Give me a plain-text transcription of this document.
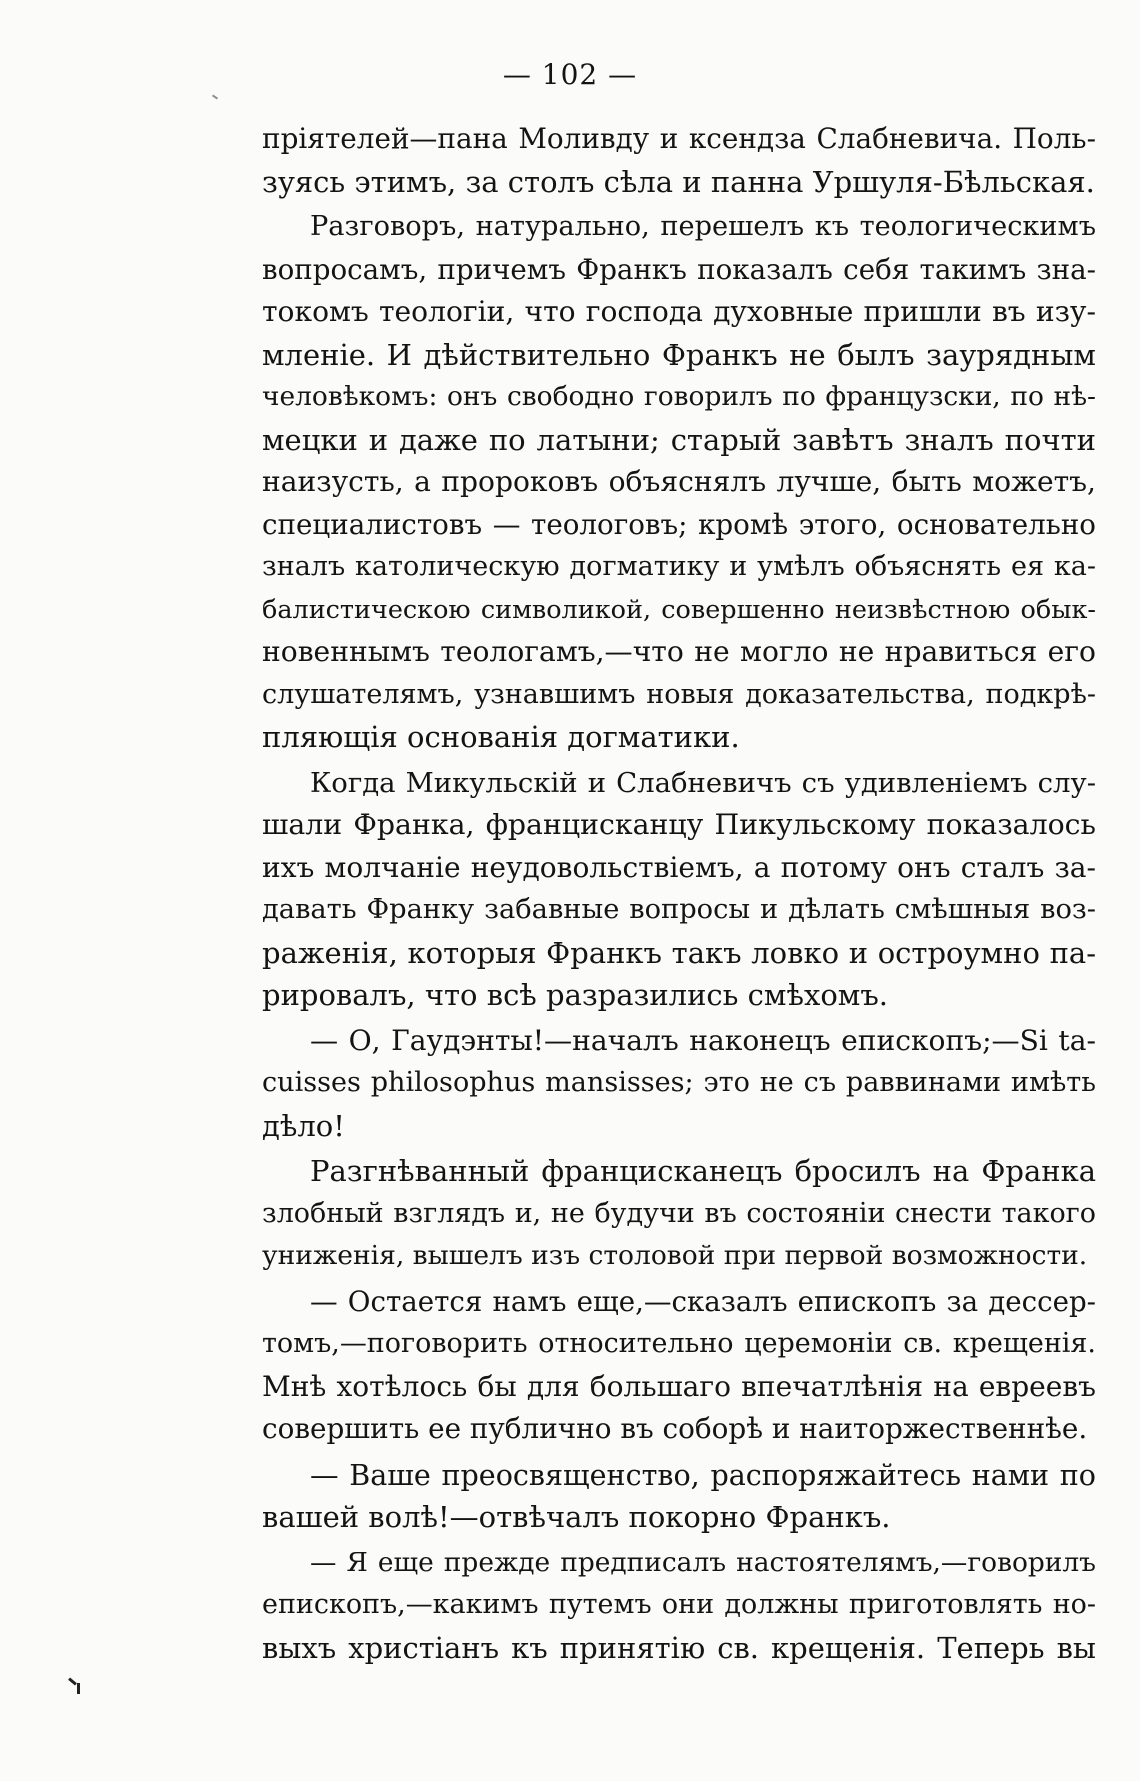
— 102 —
пріятелей—пана Моливду и ксендза Слабневича. Поль-
зуясь этимъ, за столъ сѣла и панна Уршуля-Бѣльская.
Разговоръ, натурально, перешелъ къ теологическимъ
вопросамъ, причемъ Франкъ показалъ себя такимъ зна-
токомъ теологіи, что господа духовные пришли въ изу-
мленіе. И дѣйствительно Франкъ не былъ заурядным
человѣкомъ: онъ свободно говорилъ по французски, по нѣ-
мецки и даже по латыни; старый завѣтъ зналъ почти
наизусть, а пророковъ объяснялъ лучше, быть можетъ,
специалистовъ — теологовъ; кромѣ этого, основательно
зналъ католическую догматику и умѣлъ объяснять ея ка-
балистическою символикой, совершенно неизвѣстною обык-
новеннымъ теологамъ,—что не могло не нравиться его
слушателямъ, узнавшимъ новыя доказательства, подкрѣ-
пляющія основанія догматики.
Когда Микульскій и Слабневичъ съ удивленіемъ слу-
шали Франка, францисканцу Пикульскому показалось
ихъ молчаніе неудовольствіемъ, а потому онъ сталъ за-
давать Франку забавные вопросы и дѣлать смѣшныя воз-
раженія, которыя Франкъ такъ ловко и остроумно па-
рировалъ, что всѣ разразились смѣхомъ.
— О, Гаудэнты!—началъ наконецъ епископъ;—Si ta-
cuisses philosophus mansisses; это не съ раввинами имѣть
дѣло!
Разгнѣванный францисканецъ бросилъ на Франка
злобный взглядъ и, не будучи въ состояніи снести такого
униженія, вышелъ изъ столовой при первой возможности.
— Остается намъ еще,—сказалъ епископъ за дессер-
томъ,—поговорить относительно церемоніи св. крещенія.
Мнѣ хотѣлось бы для большаго впечатлѣнія на евреевъ
совершить ее публично въ соборѣ и наиторжественнѣе.
— Ваше преосвященство, распоряжайтесь нами по
вашей волѣ!—отвѣчалъ покорно Франкъ.
— Я еще прежде предписалъ настоятелямъ,—говорилъ
епископъ,—какимъ путемъ они должны приготовлять но-
выхъ христіанъ къ принятію св. крещенія. Теперь вы
